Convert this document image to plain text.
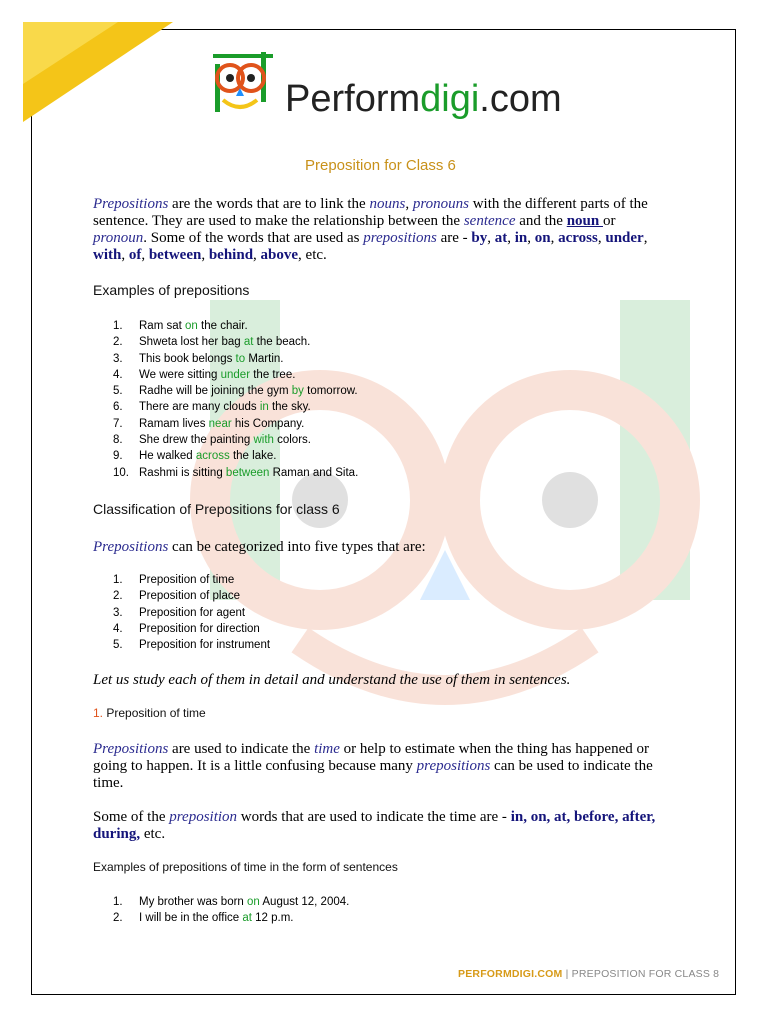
Performdigi.com
Preposition for Class 6
Prepositions are the words that are to link the nouns, pronouns with the different parts of the sentence. They are used to make the relationship between the sentence and the noun or pronoun. Some of the words that are used as prepositions are - by, at, in, on, across, under, with, of, between, behind, above, etc.
Examples of prepositions
1. Ram sat on the chair.
2. Shweta lost her bag at the beach.
3. This book belongs to Martin.
4. We were sitting under the tree.
5. Radhe will be joining the gym by tomorrow.
6. There are many clouds in the sky.
7. Ramam lives near his Company.
8. She drew the painting with colors.
9. He walked across the lake.
10. Rashmi is sitting between Raman and Sita.
Classification of Prepositions for class 6
Prepositions can be categorized into five types that are:
1. Preposition of time
2. Preposition of place
3. Preposition for agent
4. Preposition for direction
5. Preposition for instrument
Let us study each of them in detail and understand the use of them in sentences.
1. Preposition of time
Prepositions are used to indicate the time or help to estimate when the thing has happened or going to happen. It is a little confusing because many prepositions can be used to indicate the time.
Some of the preposition words that are used to indicate the time are - in, on, at, before, after, during, etc.
Examples of prepositions of time in the form of sentences
1. My brother was born on August 12, 2004.
2. I will be in the office at 12 p.m.
PERFORMDIGI.COM | PREPOSITION FOR CLASS 8
